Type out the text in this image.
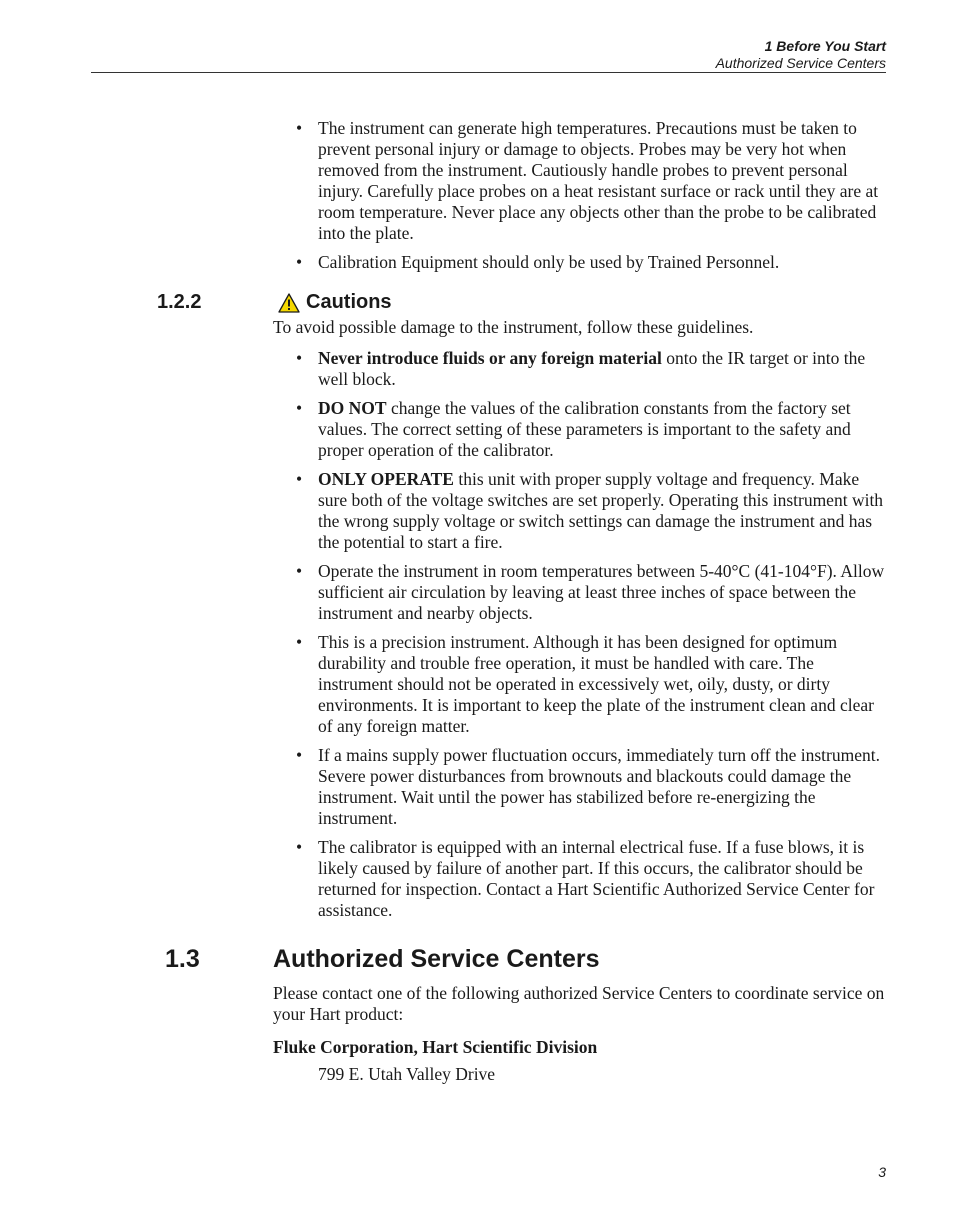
1 Before You Start
Authorized Service Centers
• The instrument can generate high temperatures. Precautions must be taken to prevent personal injury or damage to objects. Probes may be very hot when removed from the instrument. Cautiously handle probes to prevent personal injury. Carefully place probes on a heat resistant surface or rack until they are at room temperature. Never place any objects other than the probe to be calibrated into the plate.
• Calibration Equipment should only be used by Trained Personnel.
1.2.2	Cautions

To avoid possible damage to the instrument, follow these guidelines.

• Never introduce fluids or any foreign material onto the IR target or into the well block.
• DO NOT change the values of the calibration constants from the factory set values. The correct setting of these parameters is important to the safety and proper operation of the calibrator.
• ONLY OPERATE this unit with proper supply voltage and frequency. Make sure both of the voltage switches are set properly. Operating this instrument with the wrong supply voltage or switch settings can damage the instrument and has the potential to start a fire.
• Operate the instrument in room temperatures between 5-40°C (41-104°F). Allow sufficient air circulation by leaving at least three inches of space between the instrument and nearby objects.
• This is a precision instrument. Although it has been designed for optimum durability and trouble free operation, it must be handled with care. The instrument should not be operated in excessively wet, oily, dusty, or dirty environments. It is important to keep the plate of the instrument clean and clear of any foreign matter.
• If a mains supply power fluctuation occurs, immediately turn off the instrument. Severe power disturbances from brownouts and blackouts could damage the instrument. Wait until the power has stabilized before re-energizing the instrument.
• The calibrator is equipped with an internal electrical fuse. If a fuse blows, it is likely caused by failure of another part. If this occurs, the calibrator should be returned for inspection. Contact a Hart Scientific Authorized Service Center for assistance.
1.3	Authorized Service Centers

Please contact one of the following authorized Service Centers to coordinate service on your Hart product:

Fluke Corporation, Hart Scientific Division
799 E. Utah Valley Drive
3
